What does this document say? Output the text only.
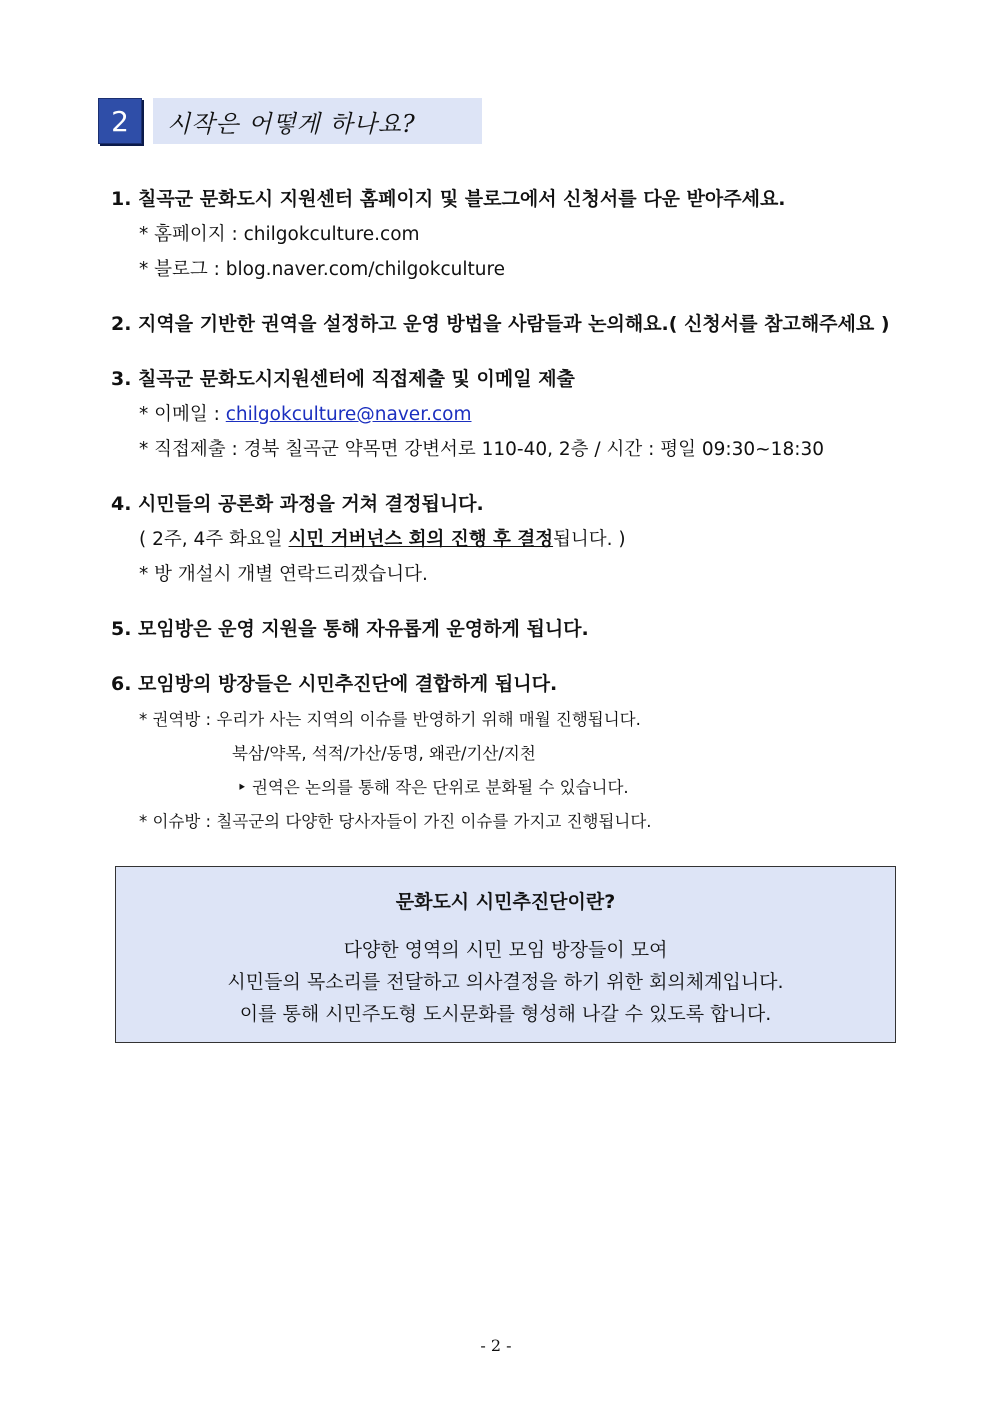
2	시작은 어떻게 하나요?
1. 칠곡군 문화도시 지원센터 홈페이지 및 블로그에서 신청서를 다운 받아주세요.
* 홈페이지 : chilgokculture.com
* 블로그 : blog.naver.com/chilgokculture
2. 지역을 기반한 권역을 설정하고 운영 방법을 사람들과 논의해요.( 신청서를 참고해주세요 )
3. 칠곡군 문화도시지원센터에 직접제출 및 이메일 제출
* 이메일 : chilgokculture@naver.com
* 직접제출 : 경북 칠곡군 약목면 강변서로 110-40, 2층 / 시간 : 평일 09:30~18:30
4. 시민들의 공론화 과정을 거쳐 결정됩니다.
( 2주, 4주 화요일 시민 거버넌스 회의 진행 후 결정됩니다. )
* 방 개설시 개별 연락드리겠습니다.
5. 모임방은 운영 지원을 통해 자유롭게 운영하게 됩니다.
6. 모임방의 방장들은 시민추진단에 결합하게 됩니다.
* 권역방 : 우리가 사는 지역의 이슈를 반영하기 위해 매월 진행됩니다.
북삼/약목, 석적/가산/동명, 왜관/기산/지천
‣ 권역은 논의를 통해 작은 단위로 분화될 수 있습니다.
* 이슈방 : 칠곡군의 다양한 당사자들이 가진 이슈를 가지고 진행됩니다.
문화도시 시민추진단이란?
다양한 영역의 시민 모임 방장들이 모여
시민들의 목소리를 전달하고 의사결정을 하기 위한 회의체계입니다.
이를 통해 시민주도형 도시문화를 형성해 나갈 수 있도록 합니다.
- 2 -
